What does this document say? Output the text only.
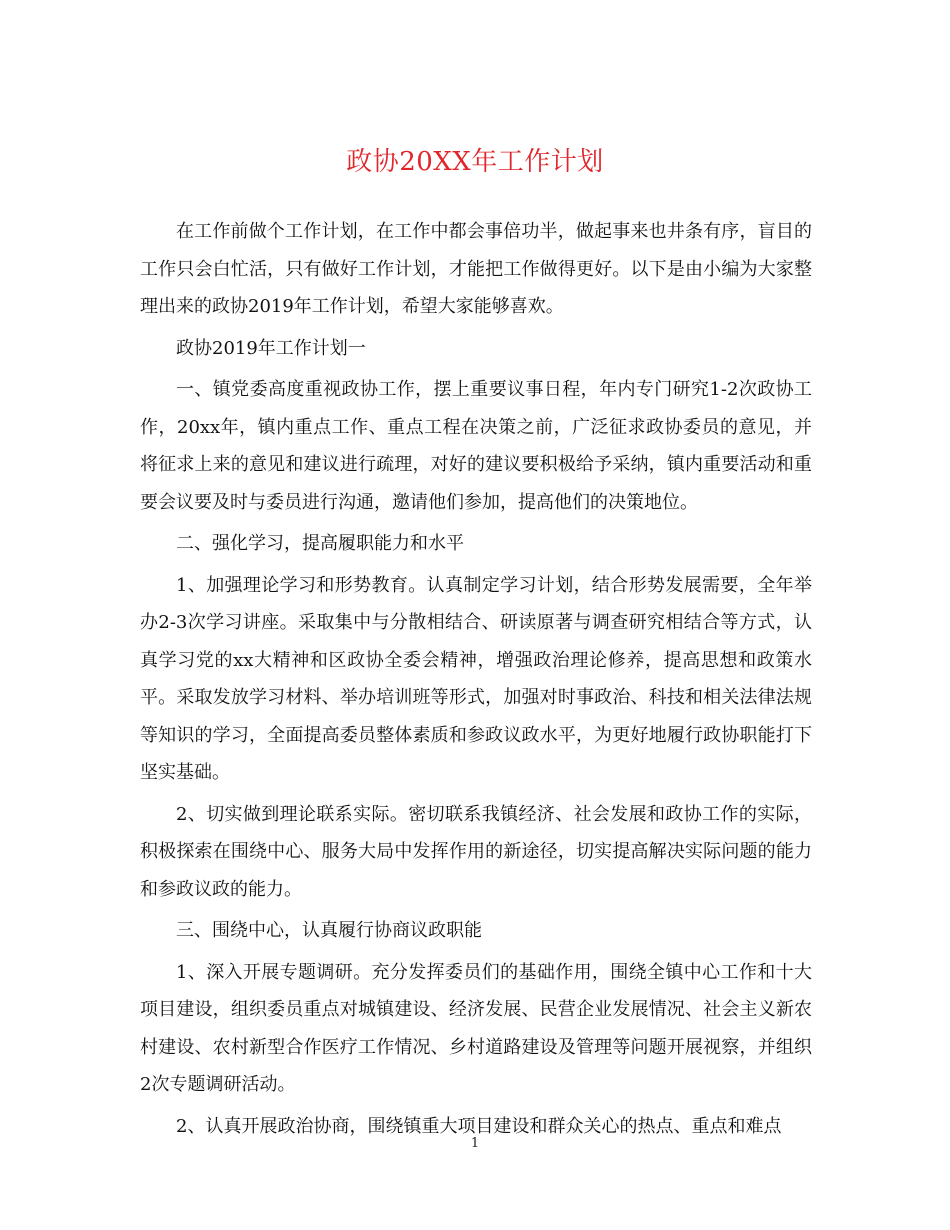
政协20XX年工作计划

在工作前做个工作计划，在工作中都会事倍功半，做起事来也井条有序，盲目的工作只会白忙活，只有做好工作计划，才能把工作做得更好。以下是由小编为大家整理出来的政协2019年工作计划，希望大家能够喜欢。

政协2019年工作计划一

一、镇党委高度重视政协工作，摆上重要议事日程，年内专门研究1-2次政协工作，20xx年，镇内重点工作、重点工程在决策之前，广泛征求政协委员的意见，并将征求上来的意见和建议进行疏理，对好的建议要积极给予采纳，镇内重要活动和重要会议要及时与委员进行沟通，邀请他们参加，提高他们的决策地位。

二、强化学习，提高履职能力和水平

1、加强理论学习和形势教育。认真制定学习计划，结合形势发展需要，全年举办2-3次学习讲座。采取集中与分散相结合、研读原著与调查研究相结合等方式，认真学习党的xx大精神和区政协全委会精神，增强政治理论修养，提高思想和政策水平。采取发放学习材料、举办培训班等形式，加强对时事政治、科技和相关法律法规等知识的学习，全面提高委员整体素质和参政议政水平，为更好地履行政协职能打下坚实基础。

2、切实做到理论联系实际。密切联系我镇经济、社会发展和政协工作的实际，积极探索在围绕中心、服务大局中发挥作用的新途径，切实提高解决实际问题的能力和参政议政的能力。

三、围绕中心，认真履行协商议政职能

1、深入开展专题调研。充分发挥委员们的基础作用，围绕全镇中心工作和十大项目建设，组织委员重点对城镇建设、经济发展、民营企业发展情况、社会主义新农村建设、农村新型合作医疗工作情况、乡村道路建设及管理等问题开展视察，并组织2次专题调研活动。

2、认真开展政治协商，围绕镇重大项目建设和群众关心的热点、重点和难点

1
